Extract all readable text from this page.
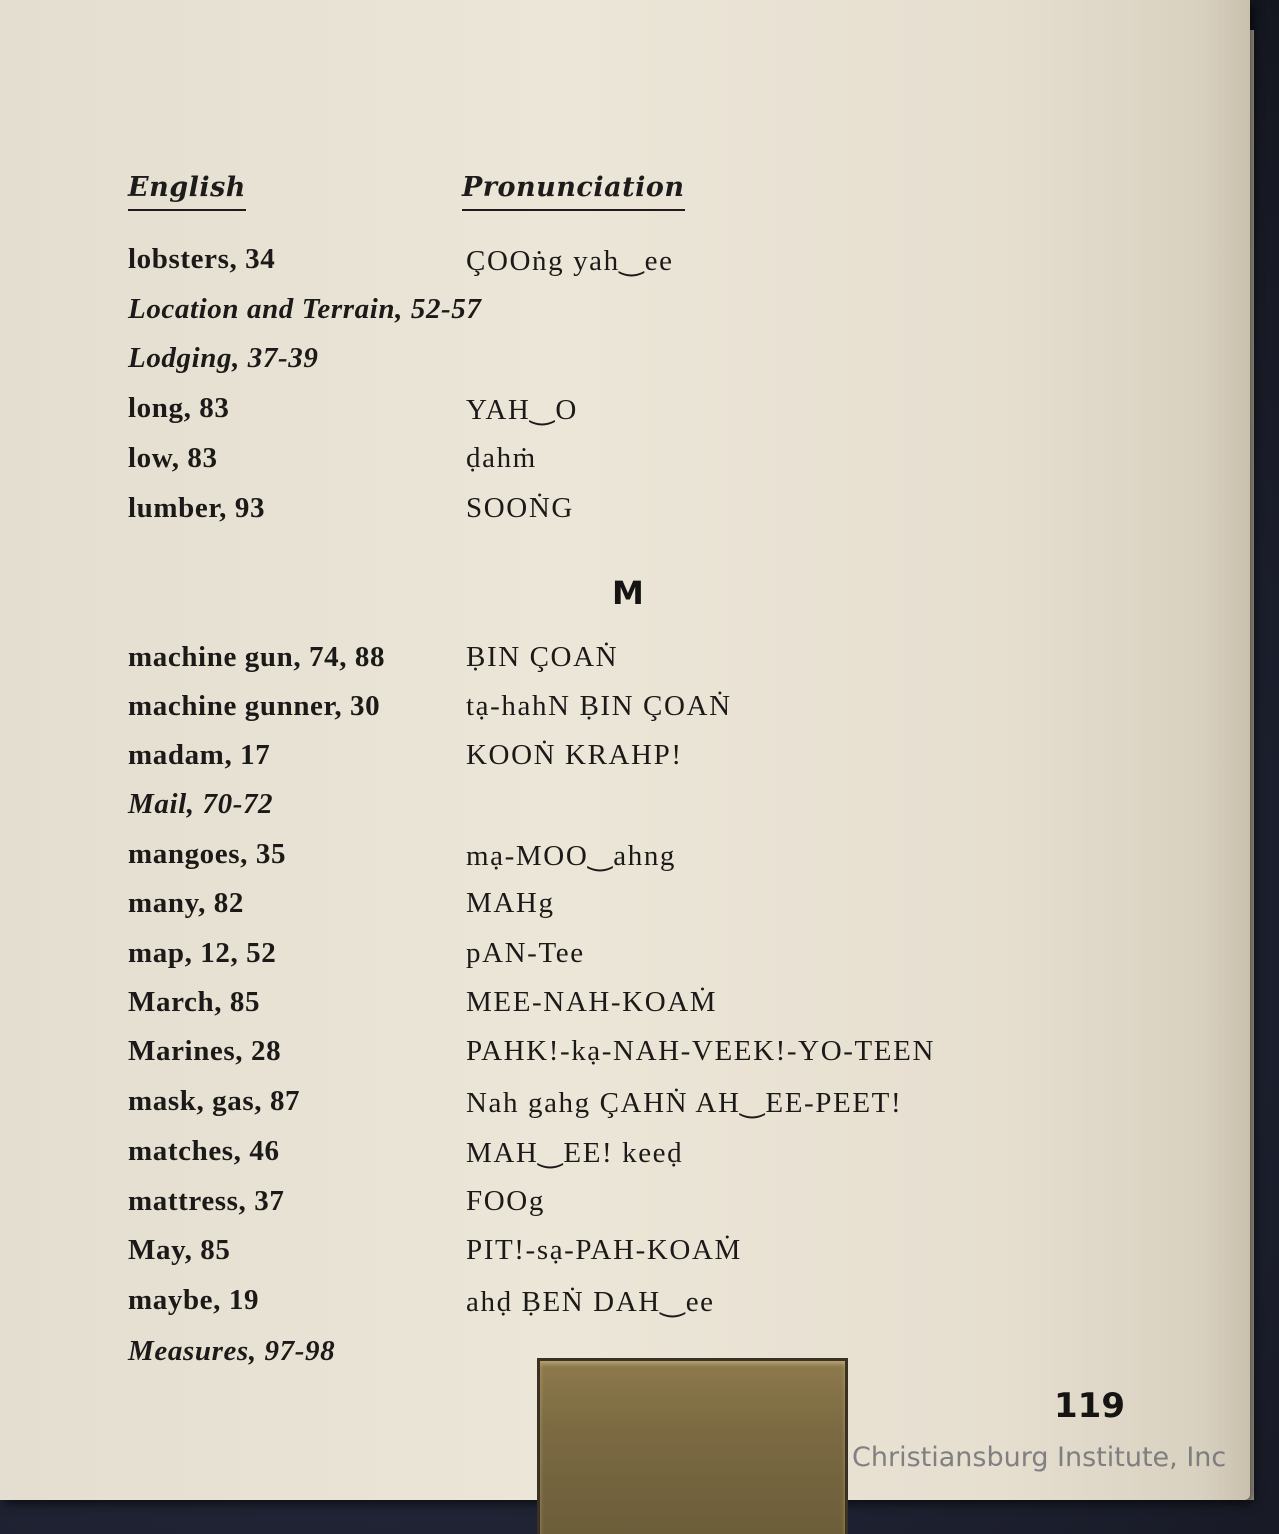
English	Pronunciation
lobsters, 34	ÇOOṅg yah‿ee
Location and Terrain, 52-57
Lodging, 37-39
long, 83	YAH‿O
low, 83	ḍahṁ
lumber, 93	SOOṄG
M
machine gun, 74, 88	ḄIN ÇOAṄ
machine gunner, 30	tạ-hahN ḄIN ÇOAṄ
madam, 17	KOOṄ KRAHP!
Mail, 70-72
mangoes, 35	mạ-MOO‿ahng
many, 82	MAHg
map, 12, 52	pAN-Tee
March, 85	MEE-NAH-KOAṀ
Marines, 28	PAHK!-kạ-NAH-VEEK!-YO-TEEN
mask, gas, 87	Nah gahg ÇAHṄ AH‿EE-PEET!
matches, 46	MAH‿EE! keeḍ
mattress, 37	FOOg
May, 85	PIT!-sạ-PAH-KOAṀ
maybe, 19	ahḍ ḄEṄ DAH‿ee
Measures, 97-98
119
Christiansburg Institute, Inc
